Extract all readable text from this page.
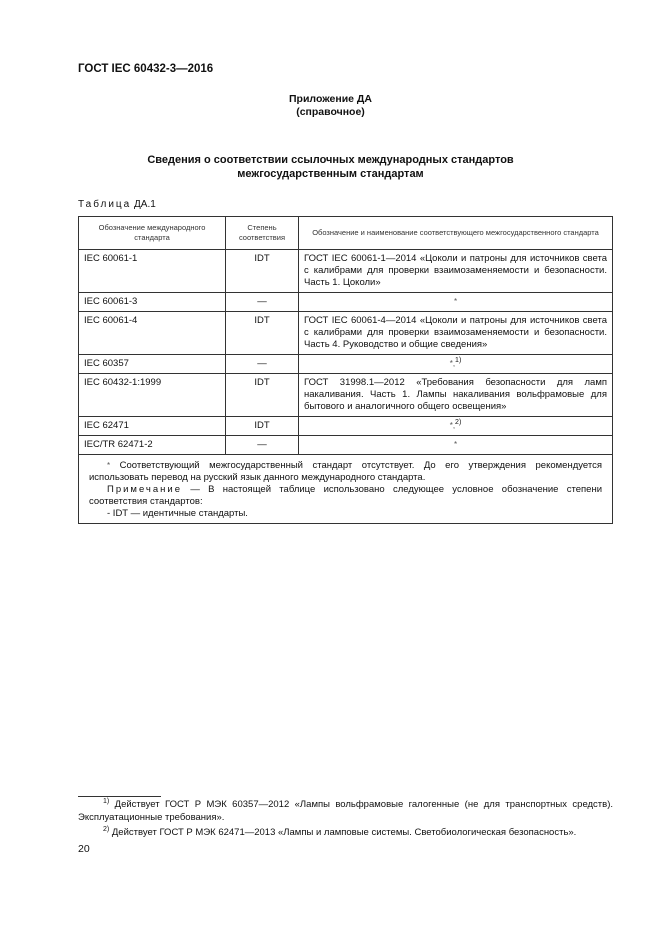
ГОСТ IEC 60432-3—2016
Приложение ДА
(справочное)
Сведения о соответствии ссылочных международных стандартов
межгосударственным стандартам
Таблица ДА.1
Обозначение международного стандарта	Степень соответствия	Обозначение и наименование соответствующего межгосударственного стандарта
IEC 60061-1	IDT	ГОСТ IEC 60061-1—2014 «Цоколи и патроны для источников света с калибрами для проверки взаимозаменяемости и безопасности. Часть 1. Цоколи»
IEC 60061-3	—	*
IEC 60061-4	IDT	ГОСТ IEC 60061-4—2014 «Цоколи и патроны для источников света с калибрами для проверки взаимозаменяемости и безопасности. Часть 4. Руководство и общие сведения»
IEC 60357	—	*,$^{1)}$
IEC 60432-1:1999	IDT	ГОСТ 31998.1—2012 «Требования безопасности для ламп накаливания. Часть 1. Лампы накаливания вольфрамовые для бытового и аналогичного общего освещения»
IEC 62471	IDT	*,$^{2)}$
IEC/TR 62471-2	—	*

* Соответствующий межгосударственный стандарт отсутствует. До его утверждения рекомендуется использовать перевод на русский язык данного международного стандарта.

Примечание — В настоящей таблице использовано следующее условное обозначение степени соответствия стандартов:

- IDT — идентичные стандарты.		

$^{1)}$ Действует ГОСТ Р МЭК 60357—2012 «Лампы вольфрамовые галогенные (не для транспортных средств). Эксплуатационные требования».

$^{2)}$ Действует ГОСТ Р МЭК 62471—2013 «Лампы и ламповые системы. Светобиологическая безопасность».

20
